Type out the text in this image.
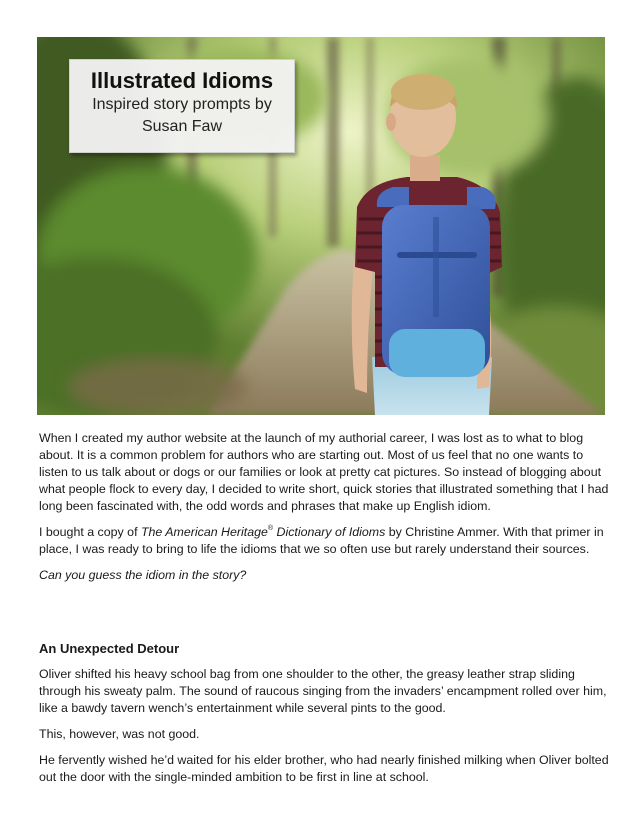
Illustrated Idioms
Inspired story prompts by Susan Faw

When I created my author website at the launch of my authorial career, I was lost as to what to blog about. It is a common problem for authors who are starting out. Most of us feel that no one wants to listen to us talk about or dogs or our families or look at pretty cat pictures. So instead of blogging about what people flock to every day, I decided to write short, quick stories that illustrated something that I had long been fascinated with, the odd words and phrases that make up English idiom.

I bought a copy of The American Heritage® Dictionary of Idioms by Christine Ammer. With that primer in place, I was ready to bring to life the idioms that we so often use but rarely understand their sources.

Can you guess the idiom in the story?

An Unexpected Detour

Oliver shifted his heavy school bag from one shoulder to the other, the greasy leather strap sliding through his sweaty palm. The sound of raucous singing from the invaders’ encampment rolled over him, like a bawdy tavern wench’s entertainment while several pints to the good.

This, however, was not good.

He fervently wished he’d waited for his elder brother, who had nearly finished milking when Oliver bolted out the door with the single-minded ambition to be first in line at school.
